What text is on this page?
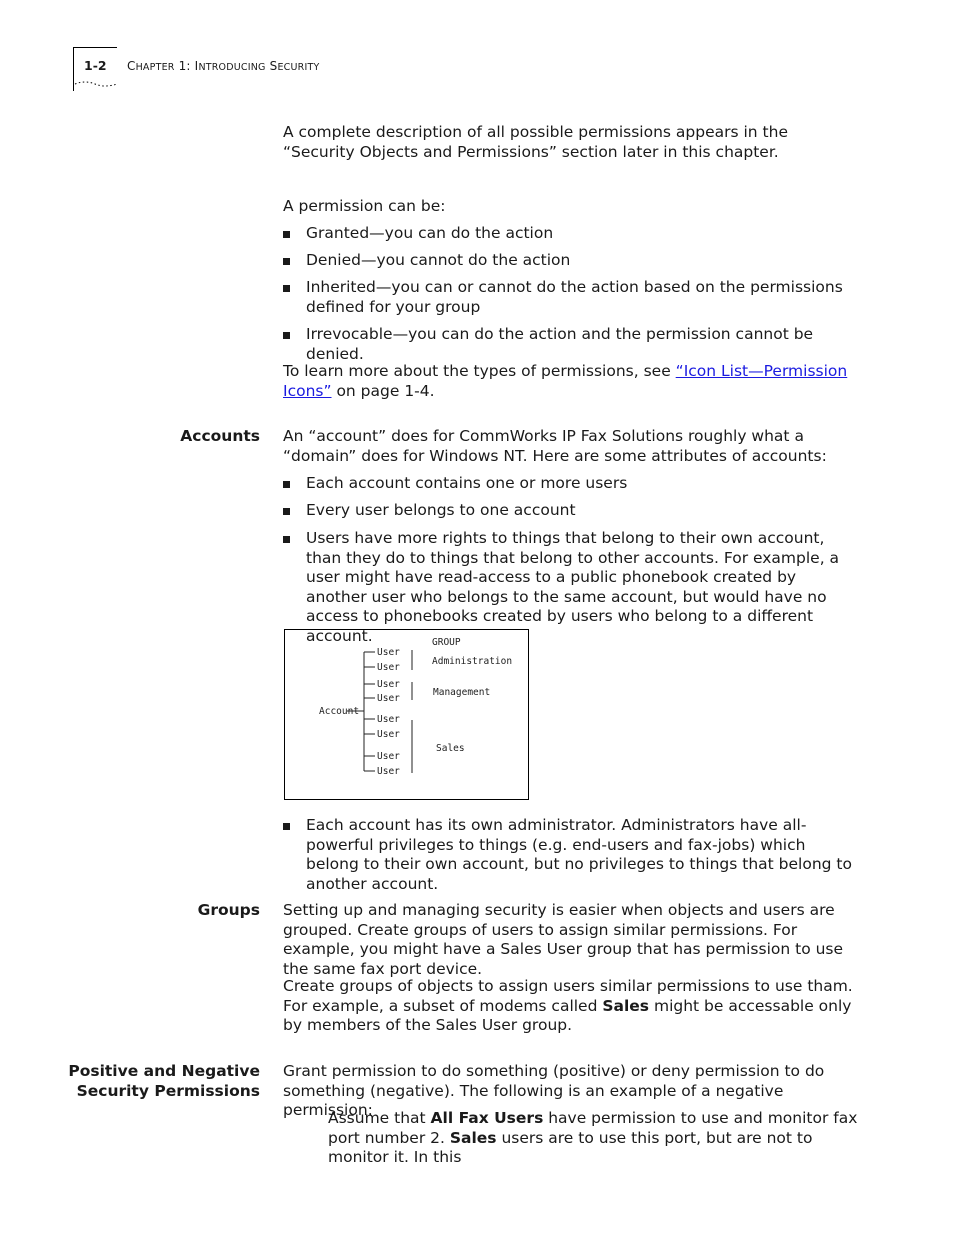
1-2 CHAPTER 1: INTRODUCING SECURITY

A complete description of all possible permissions appears in the “Security Objects and Permissions” section later in this chapter.

A permission can be:

Granted—you can do the action
Denied—you cannot do the action
Inherited—you can or cannot do the action based on the permissions defined for your group
Irrevocable—you can do the action and the permission cannot be denied.

To learn more about the types of permissions, see “Icon List—Permission Icons” on page 1-4.

Accounts An “account” does for CommWorks IP Fax Solutions roughly what a “domain” does for Windows NT. Here are some attributes of accounts:

Each account contains one or more users
Every user belongs to one account
Users have more rights to things that belong to their own account, than they do to things that belong to other accounts. For example, a user might have read-access to a public phonebook created by another user who belongs to the same account, but would have no access to phonebooks created by users who belong to a different account.	GROUP
Account
User
User
User
User
User
User
User
User
Administration
Management
Sales
Each account has its own administrator. Administrators have all-powerful privileges to things (e.g. end-users and fax-jobs) which belong to their own account, but no privileges to things that belong to another account.
Groups Setting up and managing security is easier when objects and users are grouped. Create groups of users to assign similar permissions. For example, you might have a Sales User group that has permission to use the same fax port device.

Create groups of objects to assign users similar permissions to use tham. For example, a subset of modems called Sales might be accessable only by members of the Sales User group.

Positive and Negative
Security Permissions

Grant permission to do something (positive) or deny permission to do something (negative). The following is an example of a negative permission:

Assume that All Fax Users have permission to use and monitor fax port number 2. Sales users are to use this port, but are not to monitor it. In this
